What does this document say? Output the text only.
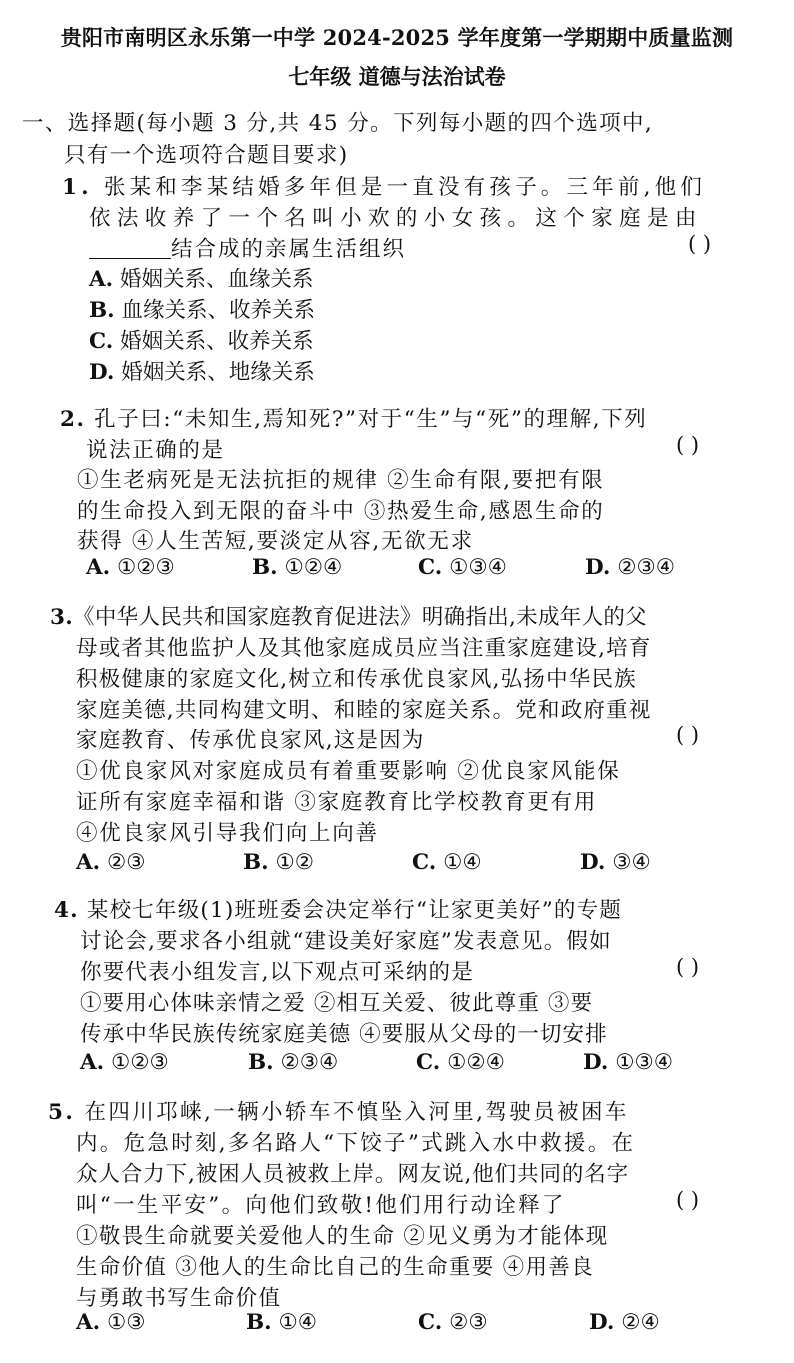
贵阳市南明区永乐第一中学 2024-2025 学年度第一学期期中质量监测
七年级 道德与法治试卷
一、选择题(每小题 3 分,共 45 分。下列每小题的四个选项中,
只有一个选项符合题目要求)
1. 张某和李某结婚多年但是一直没有孩子。三年前,他们
依法收养了一个名叫小欢的小女孩。这个家庭是由
结合成的亲属生活组织	( )
A. 婚姻关系、血缘关系
B. 血缘关系、收养关系
C. 婚姻关系、收养关系
D. 婚姻关系、地缘关系
2. 孔子曰:“未知生,焉知死?”对于“生”与“死”的理解,下列
说法正确的是	( )
①生老病死是无法抗拒的规律 ②生命有限,要把有限
的生命投入到无限的奋斗中 ③热爱生命,感恩生命的
获得 ④人生苦短,要淡定从容,无欲无求
A. ①②③	B. ①②④	C. ①③④	D. ②③④
3.《中华人民共和国家庭教育促进法》明确指出,未成年人的父
母或者其他监护人及其他家庭成员应当注重家庭建设,培育
积极健康的家庭文化,树立和传承优良家风,弘扬中华民族
家庭美德,共同构建文明、和睦的家庭关系。党和政府重视
家庭教育、传承优良家风,这是因为	( )
①优良家风对家庭成员有着重要影响 ②优良家风能保
证所有家庭幸福和谐 ③家庭教育比学校教育更有用
④优良家风引导我们向上向善
A. ②③	B. ①②	C. ①④	D. ③④
4. 某校七年级(1)班班委会决定举行“让家更美好”的专题
讨论会,要求各小组就“建设美好家庭”发表意见。假如
你要代表小组发言,以下观点可采纳的是	( )
①要用心体味亲情之爱 ②相互关爱、彼此尊重 ③要
传承中华民族传统家庭美德 ④要服从父母的一切安排
A. ①②③	B. ②③④	C. ①②④	D. ①③④
5. 在四川邛崃,一辆小轿车不慎坠入河里,驾驶员被困车
内。危急时刻,多名路人“下饺子”式跳入水中救援。在
众人合力下,被困人员被救上岸。网友说,他们共同的名字
叫“一生平安”。向他们致敬!他们用行动诠释了	( )
①敬畏生命就要关爱他人的生命 ②见义勇为才能体现
生命价值 ③他人的生命比自己的生命重要 ④用善良
与勇敢书写生命价值
A. ①③	B. ①④	C. ②③	D. ②④
